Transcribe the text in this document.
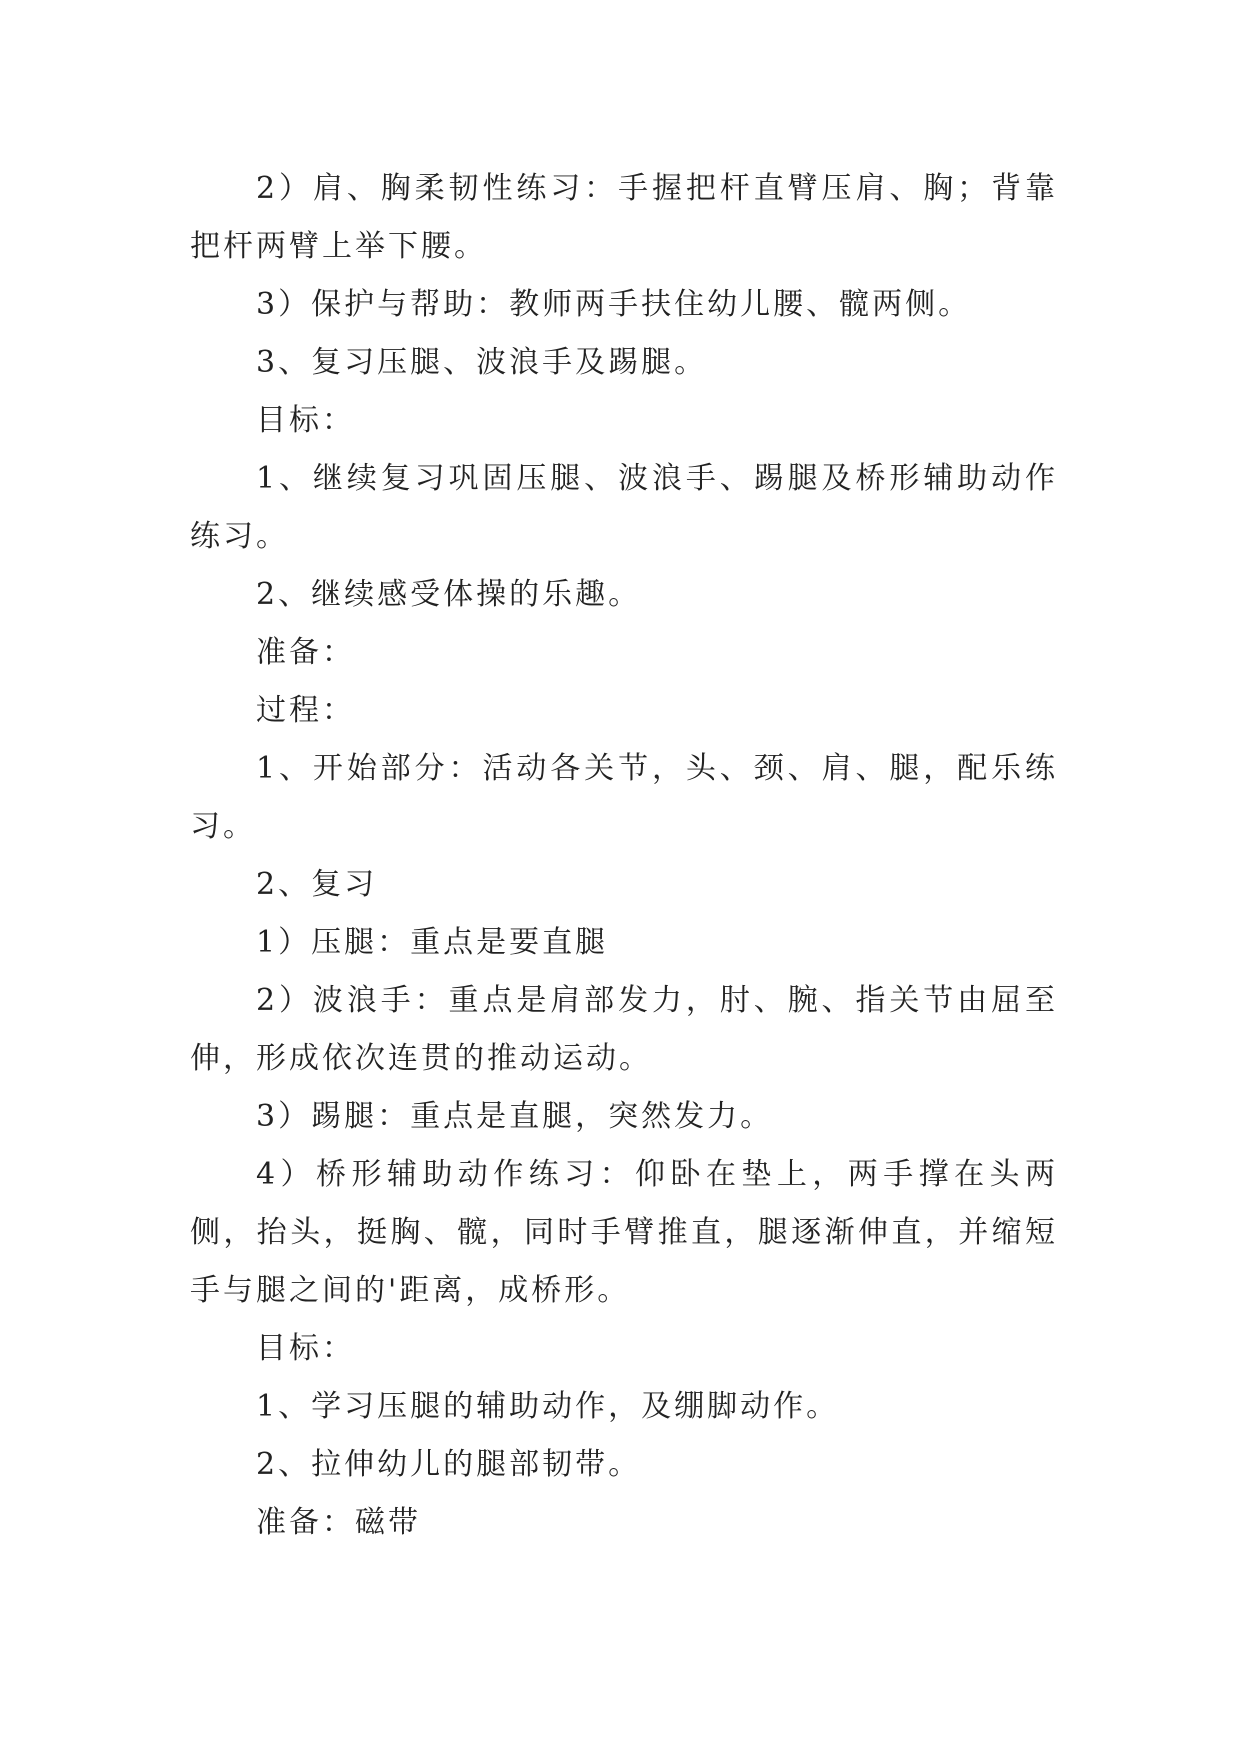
2）肩、胸柔韧性练习：手握把杆直臂压肩、胸；背靠把杆两臂上举下腰。

3）保护与帮助：教师两手扶住幼儿腰、髋两侧。

3、复习压腿、波浪手及踢腿。

目标：

1、继续复习巩固压腿、波浪手、踢腿及桥形辅助动作练习。

2、继续感受体操的乐趣。

准备：

过程：

1、开始部分：活动各关节，头、颈、肩、腿，配乐练习。

2、复习

1）压腿：重点是要直腿

2）波浪手：重点是肩部发力，肘、腕、指关节由屈至伸，形成依次连贯的推动运动。

3）踢腿：重点是直腿，突然发力。

4）桥形辅助动作练习：仰卧在垫上，两手撑在头两侧，抬头，挺胸、髋，同时手臂推直，腿逐渐伸直，并缩短手与腿之间的'距离，成桥形。

目标：

1、学习压腿的辅助动作，及绷脚动作。

2、拉伸幼儿的腿部韧带。

准备：磁带
